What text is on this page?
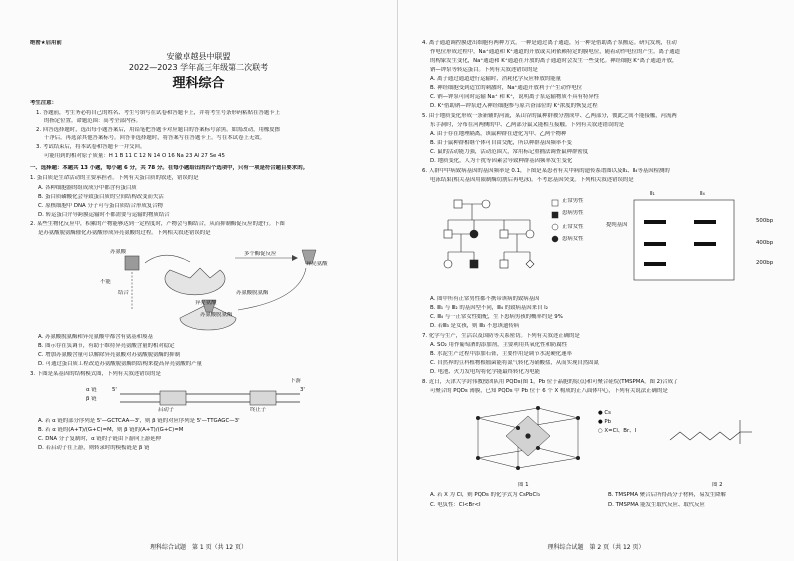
绝密★启用前
安徽卓越县中联盟
2022—2023 学年高三年级第二次联考
理科综合
考生注意：
1. 答题前，考生务必将自己的姓名、考生号填写在试卷和答题卡上，并将考生号条形码粘贴在答题卡上
的指定位置。命题范围：高考全部内容。
2. 回答选择题时，选出每小题答案后，用铅笔把答题卡对应题目的答案标号涂黑。如需改动，用橡皮擦
干净后，再选涂其他答案标号。回答非选择题时，将答案写在答题卡上。写在本试卷上无效。
3. 考试结束后，将本试卷和答题卡一并交回。
可能用到的相对原子质量：H 1 B 11 C 12 N 14 O 16 Na 23 Al 27 Se 45
一、选择题：本题共 13 小题，每小题 6 分，共 78 分。在每小题给出的四个选项中，只有一项是符合题目要求的。
1. 蛋白质是生命活动的主要承担者。下列有关蛋白质的叙述，错误的是
A. 各种细胞器的组成成分中都含有蛋白质
B. 蛋白质磷酸化会导致蛋白质的空间结构改变而失活
C. 原核细胞中 DNA 分子可与蛋白质结合形成复合物
D. 转运蛋白介导跨膜运输时不都需要与运输的物质结合
2. 某些生物化反应中，积累的产物能够达到一定程度时，产物会与酶结合，从而抑制酶促反应的进行。下图
是苏氨酸脱氨酶催化苏氨酸形成异亮氨酸的过程。下列相关叙述错误的是
苏氨酸	多个酶促反应
异亮氨酸
不能
结合	苏氨酸脱氨酶
异亮氨酸
苏氨酸脱氨酶
A. 苏氨酸脱氨酶和异亮氨酸中都含有氨基和羧基
B. 图示存在负调节，有助于维持异亮氨酸含量的相对稳定
C. 增加苏氨酸含量可以解除异亮氨酸对苏氨酸脱氨酶的抑制
D. 可通过蛋白质工程改造苏氨酸脱氨酶的结构来提高异亮氨酸的产量
3. 下图是某基因的结构模式图，下列有关叙述错误的是
α 链
β 链
启动子	终止子
5'	3'
下游
A. 若 α 链的部分序列是 5'—GCTCAA—3'，则 β 链的对应序列是 5'—TTGAGC—3'
B. 若 α 链的(A+T)/(G+C)=M，则 β 链的(A+T)/(G+C)=M
C. DNA 分子复制时，α 链的子链由下游向上游延伸
D. 若启动子在上游，则转录时的模板链是 β 链
理科综合试题　第 1 页（共 12 页）
4. 离子通道调控膜进出细胞有两种方式，一种是通过离子通道，另一种是借助离子泵搬运。研究发现，在动
作电位形成过程中，Na⁺通道和 K⁺通道的开放或关闭依赖特定的膜电位，随着动作电位的产生，离子通道
的构象发生变化，Na⁺通道和 K⁺通道在开放的离子通道时会发生一些变化。神经细胞 K⁺离子通道开放，
钠—钾泵等转运蛋白。下列有关叙述错误的是
A. 离子通过通道进行运输时，消耗化学反应释放的能量
B. 神经细胞受到适宜的刺激时，Na⁺通道开放利于产生动作电位
C. 钠—钾泵可同时运输 Na⁺ 和 K⁺，说明离子泵运输物质不具有特异性
D. K⁺借助钠—钾泵进入神经细胞参与原兴奋部位的 K⁺浓度的恢复过程
5. 由于地质变化形成一条新辅的河流，某山谷的鼠种群被分割成甲、乙两部分，彼此之间不能接触，河流两
东手洞时，分布在河两侧的甲、乙两部分鼠又能相互接触。下列有关叙述错误的是
A. 由于存在地理隔离，该鼠种群在进化为甲、乙两个物种
B. 由于鼠种群相继个体可自由交配，所以种群基因频率不变
C. 鼠的活动能力强，活动范围大，常用标记重捕法调查鼠种群密度
D. 地质变化，人为干扰等因素会导致种群基因频率发生变化
6. 人群中甲病致病基因的基因频率是 0.1，下图是某患者有关甲病的遗传系谱图以及Ⅱ₁、Ⅱ₄等基因检测的
电泳结果(相关基因用限制酶切割后再电泳)。不考虑基因突变。下列相关叙述错误的是
正常男性
患病男性
正常女性
患病女性
Ⅱ₁	Ⅱ₄
500bp
400bp
200bp
提纯基因
A. 图中所有正常男性都不携带该病的致病基因
B. Ⅲ₁ 与 Ⅲ₂ 的基因型不同，Ⅲ₄ 的致病基因来自 Ⅰ₂
C. Ⅲ₄ 与一正常女性婚配，生下患病男孩的概率约是 9%
D. 若Ⅲ₃ 是女孩，则 Ⅲ₃ 不患该遗传病
7. 化学与生产，生活以及国防等关系密切。下列有关叙述正确的是
A. SO₂ 用作葡萄酒的添加剂，主要利用其氧化性和防腐性
B. 水泥生产过程中添加石膏，主要作用是调节水泥硬化速率
C. 自然界的豆科植物根瘤菌能将氮气转化为硝酸盐，从而实现自然固氮
D. 电池、火力发电均将化学能最终转化为电能
8. 近日，天津大学封伟教授团队用 PQDs(图 1，Pb 位于晶胞的原点)和可聚合硅烷(TMSPMA，图 2)合成了
可聚合的 PQDs 薄膜，已知 PQDs 中 Pb 位于 6 个 X 构成的正八面体中心，下列有关说法正确的是
● Cs
● Pb
○ X=Cl、Br、I
图 1	图 2
A. 若 X 为 Cl，则 PQDs 的化学式为 CsPbCl₃	B. TMSPMA 聚合后所得高分子材料，易发生降解
C. 电负性：Cl<Br<I	D. TMSPMA 能发生取代反应、取代反应
理科综合试题　第 2 页（共 12 页）
